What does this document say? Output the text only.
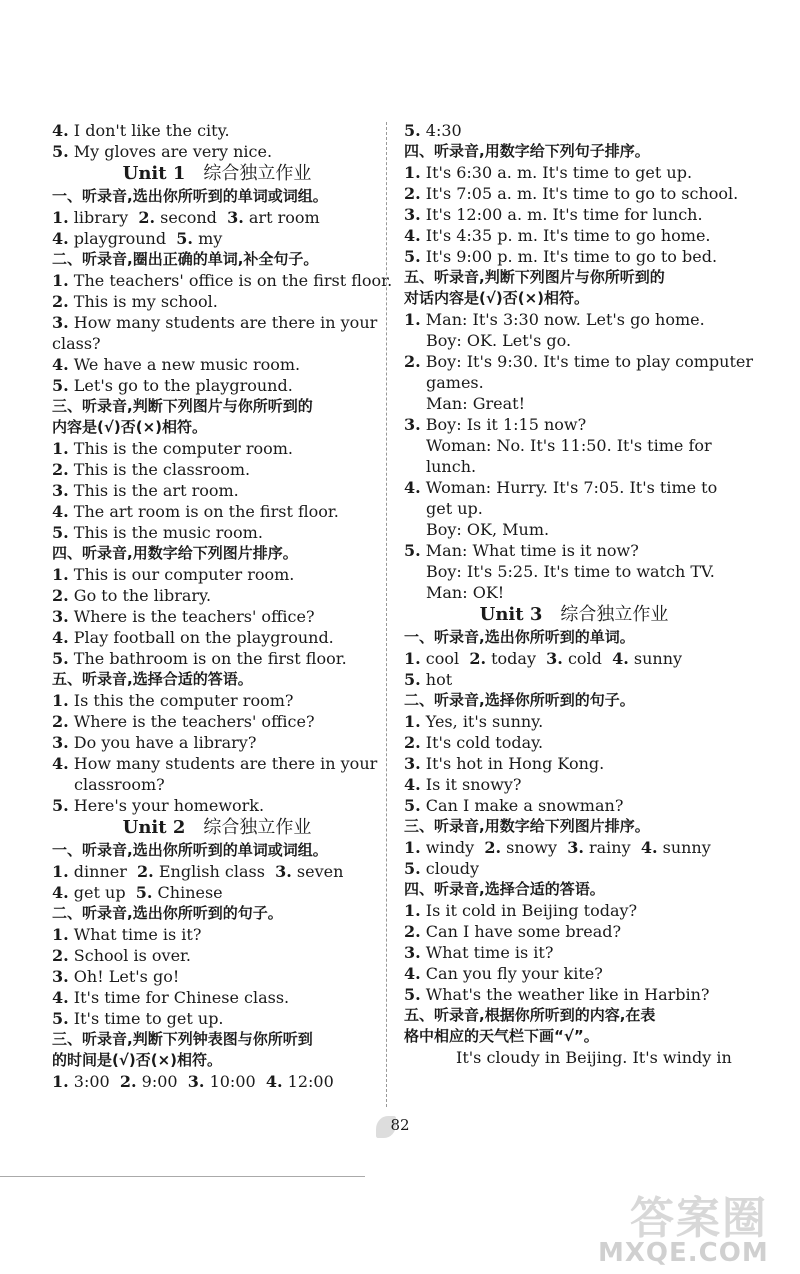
4. I don't like the city.
5. My gloves are very nice.
Unit 1 综合独立作业
一、听录音,选出你所听到的单词或词组。
1. library  2. second  3. art room
4. playground  5. my
二、听录音,圈出正确的单词,补全句子。
1. The teachers' office is on the first floor.
2. This is my school.
3. How many students are there in your
class?
4. We have a new music room.
5. Let's go to the playground.
三、听录音,判断下列图片与你所听到的
内容是(√)否(×)相符。
1. This is the computer room.
2. This is the classroom.
3. This is the art room.
4. The art room is on the first floor.
5. This is the music room.
四、听录音,用数字给下列图片排序。
1. This is our computer room.
2. Go to the library.
3. Where is the teachers' office?
4. Play football on the playground.
5. The bathroom is on the first floor.
五、听录音,选择合适的答语。
1. Is this the computer room?
2. Where is the teachers' office?
3. Do you have a library?
4. How many students are there in your
classroom?
5. Here's your homework.
Unit 2 综合独立作业
一、听录音,选出你所听到的单词或词组。
1. dinner  2. English class  3. seven
4. get up  5. Chinese
二、听录音,选出你所听到的句子。
1. What time is it?
2. School is over.
3. Oh! Let's go!
4. It's time for Chinese class.
5. It's time to get up.
三、听录音,判断下列钟表图与你所听到
的时间是(√)否(×)相符。
1. 3:00  2. 9:00  3. 10:00  4. 12:00
5. 4:30
四、听录音,用数字给下列句子排序。
1. It's 6:30 a. m. It's time to get up.
2. It's 7:05 a. m. It's time to go to school.
3. It's 12:00 a. m. It's time for lunch.
4. It's 4:35 p. m. It's time to go home.
5. It's 9:00 p. m. It's time to go to bed.
五、听录音,判断下列图片与你所听到的
对话内容是(√)否(×)相符。
1. Man: It's 3:30 now. Let's go home.
Boy: OK. Let's go.
2. Boy: It's 9:30. It's time to play computer
games.
Man: Great!
3. Boy: Is it 1:15 now?
Woman: No. It's 11:50. It's time for
lunch.
4. Woman: Hurry. It's 7:05. It's time to
get up.
Boy: OK, Mum.
5. Man: What time is it now?
Boy: It's 5:25. It's time to watch TV.
Man: OK!
Unit 3 综合独立作业
一、听录音,选出你所听到的单词。
1. cool  2. today  3. cold  4. sunny
5. hot
二、听录音,选择你所听到的句子。
1. Yes, it's sunny.
2. It's cold today.
3. It's hot in Hong Kong.
4. Is it snowy?
5. Can I make a snowman?
三、听录音,用数字给下列图片排序。
1. windy  2. snowy  3. rainy  4. sunny
5. cloudy
四、听录音,选择合适的答语。
1. Is it cold in Beijing today?
2. Can I have some bread?
3. What time is it?
4. Can you fly your kite?
5. What's the weather like in Harbin?
五、听录音,根据你所听到的内容,在表
格中相应的天气栏下画“√”。
It's cloudy in Beijing. It's windy in
82
答案圈
MXQE.COM
